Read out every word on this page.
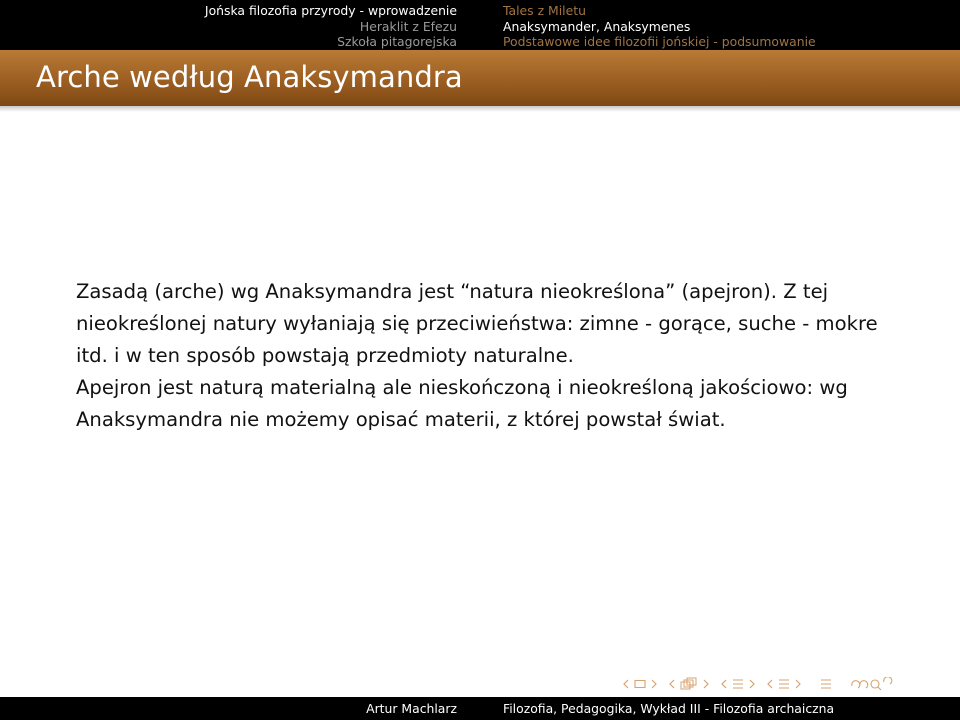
Jońska filozofia przyrody - wprowadzenie
Heraklit z Efezu
Szkoła pitagorejska
Tales z Miletu
Anaksymander, Anaksymenes
Podstawowe idee filozofii jońskiej - podsumowanie
Arche według Anaksymandra

Zasadą (arche) wg Anaksymandra jest “natura nieokreślona” (apejron). Z tej nieokreślonej natury wyłaniają się przeciwieństwa: zimne - gorące, suche - mokre itd. i w ten sposób powstają przedmioty naturalne.

Apejron jest naturą materialną ale nieskończoną i nieokreśloną jakościowo: wg Anaksymandra nie możemy opisać materii, z której powstał świat.

Artur Machlarz	Filozofia, Pedagogika, Wykład III - Filozofia archaiczna
